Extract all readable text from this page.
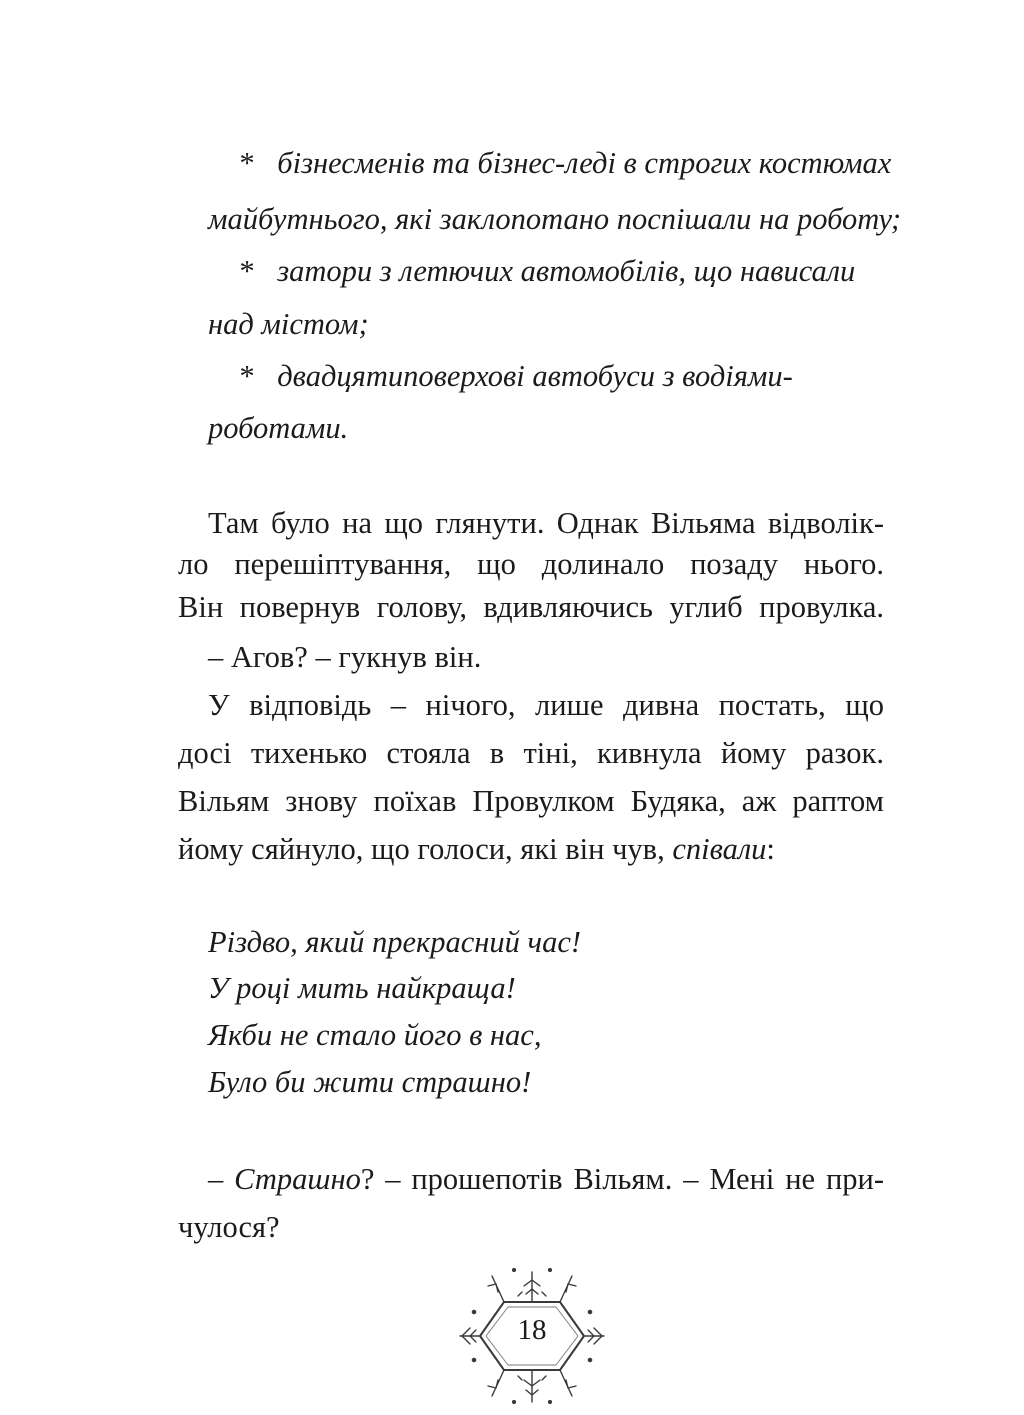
* бізнесменів та бізнес-леді в строгих костюмах
майбутнього, які заклопотано поспішали на роботу;
* затори з летючих автомобілів, що нависали
над містом;
* двадцятиповерхові автобуси з водіями-
роботами.
Там було на що глянути. Однак Вільяма відволік-
ло перешіптування, що долинало позаду нього.
Він повернув голову, вдивляючись углиб провулка.
– Агов? – гукнув він.
У відповідь – нічого, лише дивна постать, що
досі тихенько стояла в тіні, кивнула йому разок.
Вільям знову поїхав Провулком Будяка, аж раптом
йому сяйнуло, що голоси, які він чув, співали:
Різдво, який прекрасний час!
У році мить найкраща!
Якби не стало його в нас,
Було би жити страшно!
– Страшно? – прошепотів Вільям. – Мені не при-
чулося?
18
